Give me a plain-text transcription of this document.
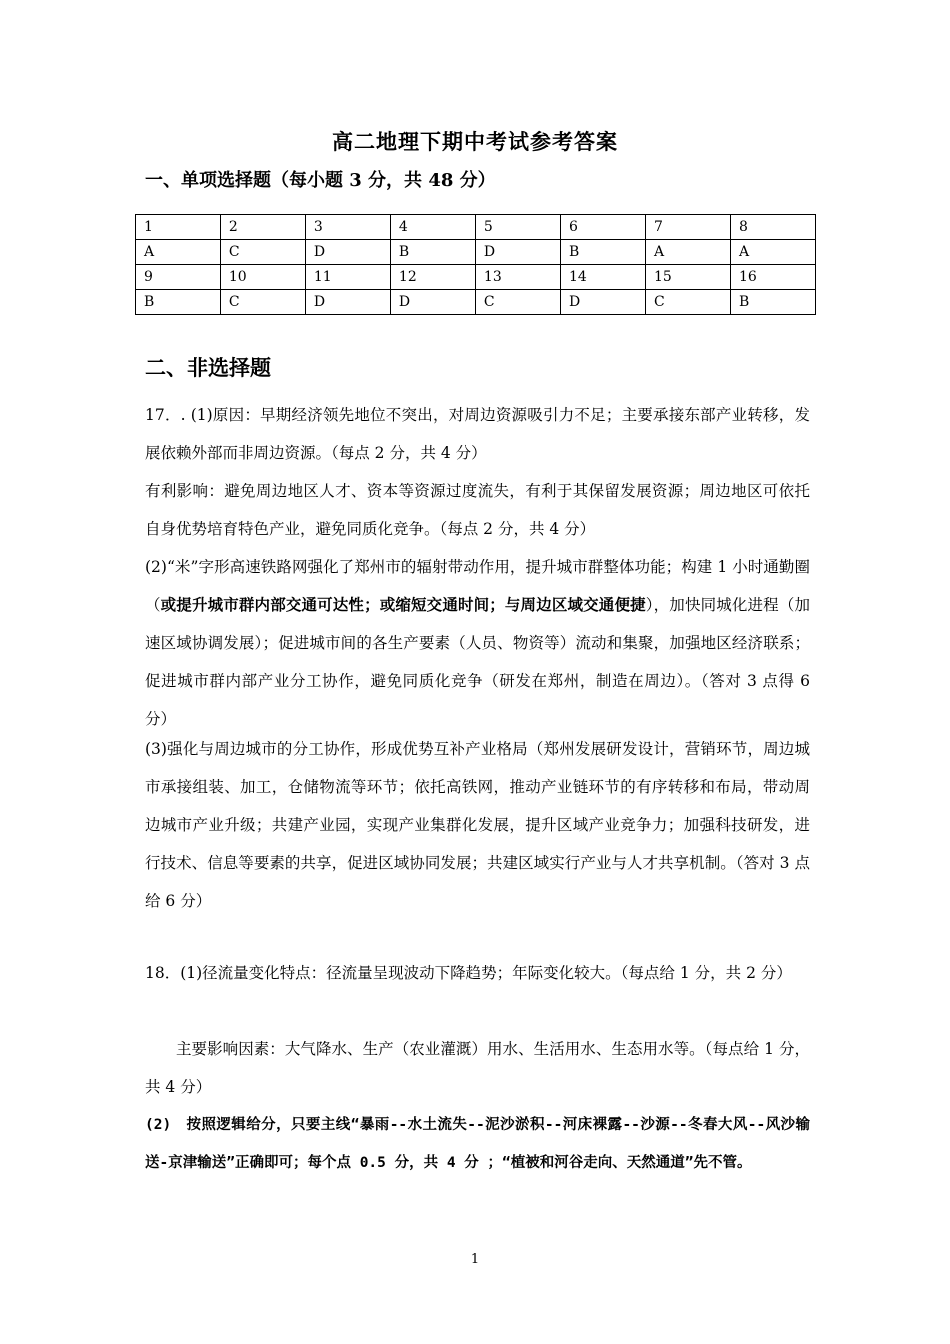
高二地理下期中考试参考答案
一、单项选择题（每小题 3 分，共 48 分）
1	2	3	4	5	6	7	8
A	C	D	B	D	B	A	A
9	10	11	12	13	14	15	16
B	C	D	D	C	D	C	B
二、非选择题

17．. (1)原因：早期经济领先地位不突出，对周边资源吸引力不足；主要承接东部产业转移，发展依赖外部而非周边资源。（每点 2 分，共 4 分）

有利影响：避免周边地区人才、资本等资源过度流失，有利于其保留发展资源；周边地区可依托自身优势培育特色产业，避免同质化竞争。（每点 2 分，共 4 分）

(2)“米”字形高速铁路网强化了郑州市的辐射带动作用，提升城市群整体功能；构建 1 小时通勤圈（或提升城市群内部交通可达性；或缩短交通时间；与周边区域交通便捷），加快同城化进程（加速区域协调发展）；促进城市间的各生产要素（人员、物资等）流动和集聚，加强地区经济联系；促进城市群内部产业分工协作，避免同质化竞争（研发在郑州，制造在周边）。（答对 3 点得 6 分）

(3)强化与周边城市的分工协作，形成优势互补产业格局（郑州发展研发设计，营销环节，周边城市承接组装、加工，仓储物流等环节；依托高铁网，推动产业链环节的有序转移和布局，带动周边城市产业升级；共建产业园，实现产业集群化发展，提升区域产业竞争力；加强科技研发，进行技术、信息等要素的共享，促进区域协同发展；共建区域实行产业与人才共享机制。（答对 3 点给 6 分）

18．(1)径流量变化特点：径流量呈现波动下降趋势；年际变化较大。（每点给 1 分，共 2 分）

主要影响因素：大气降水、生产（农业灌溉）用水、生活用水、生态用水等。（每点给 1 分，共 4 分）

(2)　按照逻辑给分，只要主线“暴雨--水土流失--泥沙淤积--河床裸露--沙源--冬春大风--风沙输送-京津输送”正确即可；每个点 0.5 分，共 4 分 ；“植被和河谷走向、天然通道”先不管。

1
